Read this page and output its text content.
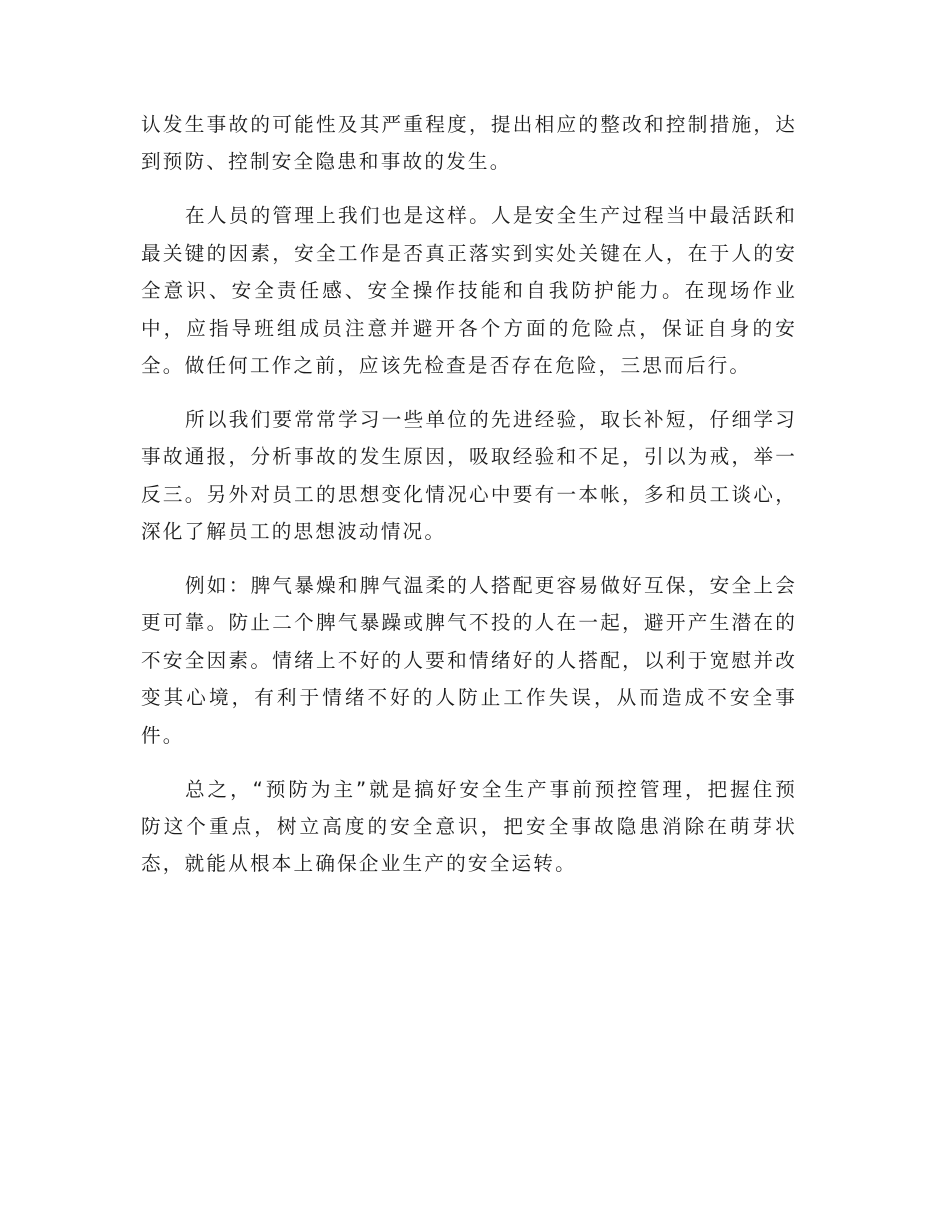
认发生事故的可能性及其严重程度，提出相应的整改和控制措施，达到预防、控制安全隐患和事故的发生。

在人员的管理上我们也是这样。人是安全生产过程当中最活跃和最关键的因素，安全工作是否真正落实到实处关键在人，在于人的安全意识、安全责任感、安全操作技能和自我防护能力。在现场作业中，应指导班组成员注意并避开各个方面的危险点，保证自身的安全。做任何工作之前，应该先检查是否存在危险，三思而后行。

所以我们要常常学习一些单位的先进经验，取长补短，仔细学习事故通报，分析事故的发生原因，吸取经验和不足，引以为戒，举一反三。另外对员工的思想变化情况心中要有一本帐，多和员工谈心，深化了解员工的思想波动情况。

例如：脾气暴燥和脾气温柔的人搭配更容易做好互保，安全上会更可靠。防止二个脾气暴躁或脾气不投的人在一起，避开产生潜在的不安全因素。情绪上不好的人要和情绪好的人搭配，以利于宽慰并改变其心境，有利于情绪不好的人防止工作失误，从而造成不安全事件。

总之，“预防为主”就是搞好安全生产事前预控管理，把握住预防这个重点，树立高度的安全意识，把安全事故隐患消除在萌芽状态，就能从根本上确保企业生产的安全运转。
